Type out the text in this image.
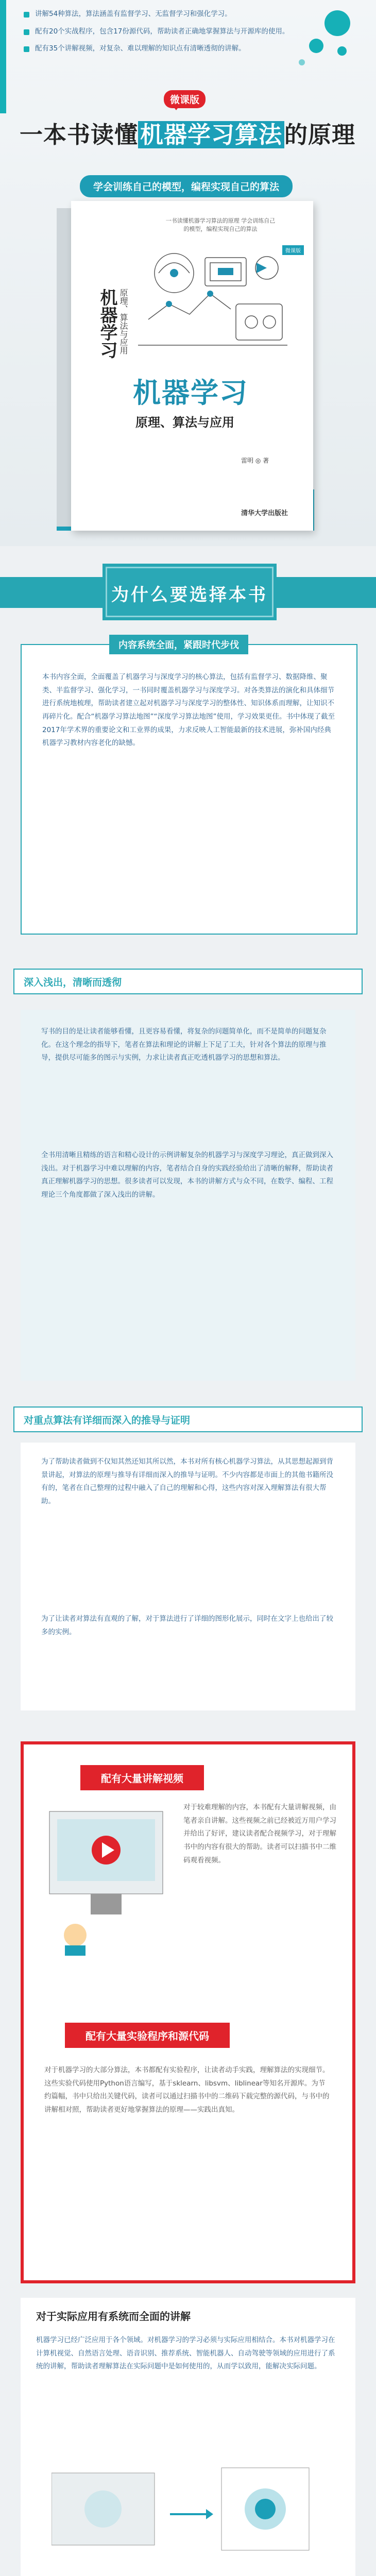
讲解54种算法，算法涵盖有监督学习、无监督学习和强化学习。
配有20个实战程序，包含17份源代码，帮助读者正确地掌握算法与开源库的使用。
配有35个讲解视频，对复杂、难以理解的知识点有清晰透彻的讲解。
微课版
一本书读懂机器学习算法的原理
学会训练自己的模型，编程实现自己的算法
一书读懂机器学习算法的原理 学会训练自己的模型，编程实现自己的算法
微课版
机器学习 原理、算法与应用
机器学习
原理、算法与应用
雷明 ◎ 著
清华大学出版社
为什么要选择本书
内容系统全面，紧跟时代步伐
本书内容全面，全面覆盖了机器学习与深度学习的核心算法，包括有监督学习、数据降维、聚类、半监督学习、强化学习，一书同时覆盖机器学习与深度学习。对各类算法的演化和具体细节进行系统地梳理，帮助读者建立起对机器学习与深度学习的整体性、知识体系而理解，让知识不再碎片化。配合“机器学习算法地图”“深度学习算法地图”使用，学习效果更佳。书中体现了截至2017年学术界的重要论文和工业界的成果，力求反映人工智能最新的技术进展，弥补国内经典机器学习教材内容老化的缺憾。
深入浅出，清晰而透彻
写书的目的是让读者能够看懂，且更容易看懂，将复杂的问题简单化，而不是简单的问题复杂化。在这个理念的指导下，笔者在算法和理论的讲解上下足了工夫，针对各个算法的原理与推导，提供尽可能多的图示与实例，力求让读者真正吃透机器学习的思想和算法。
全书用清晰且精练的语言和精心设计的示例讲解复杂的机器学习与深度学习理论，真正做到深入浅出。对于机器学习中难以理解的内容，笔者结合自身的实践经验给出了清晰的解释，帮助读者真正理解机器学习的思想。很多读者可以发现，本书的讲解方式与众不同，在数学、编程、工程理论三个角度都做了深入浅出的讲解。
对重点算法有详细而深入的推导与证明
为了帮助读者做到不仅知其然还知其所以然，本书对所有核心机器学习算法，从其思想起源到背景讲起，对算法的原理与推导有详细而深入的推导与证明。不少内容都是市面上的其他书籍所没有的，笔者在自己整理的过程中融入了自己的理解和心得，这些内容对深入理解算法有很大帮助。
为了让读者对算法有直观的了解，对于算法进行了详细的图形化展示，同时在文字上也给出了较多的实例。
配有大量讲解视频
对于较难理解的内容，本书配有大量讲解视频，由笔者亲自讲解。这些视频之前已经被近万用户学习并给出了好评，建议读者配合视频学习，对于理解书中的内容有很大的帮助。读者可以扫描书中二维码观看视频。
配有大量实验程序和源代码
对于机器学习的大部分算法，本书都配有实验程序，让读者动手实践，理解算法的实现细节。这些实验代码使用Python语言编写，基于sklearn、libsvm、liblinear等知名开源库。为节约篇幅，书中只给出关键代码，读者可以通过扫描书中的二维码下载完整的源代码，与书中的讲解相对照，帮助读者更好地掌握算法的原理——实践出真知。
对于实际应用有系统而全面的讲解
机器学习已经广泛应用于各个领域。对机器学习的学习必须与实际应用相结合。本书对机器学习在计算机视觉、自然语言处理、语音识别、推荐系统、智能机器人、自动驾驶等领域的应用进行了系统的讲解，帮助读者理解算法在实际问题中是如何使用的，从而学以致用，能解决实际问题。
